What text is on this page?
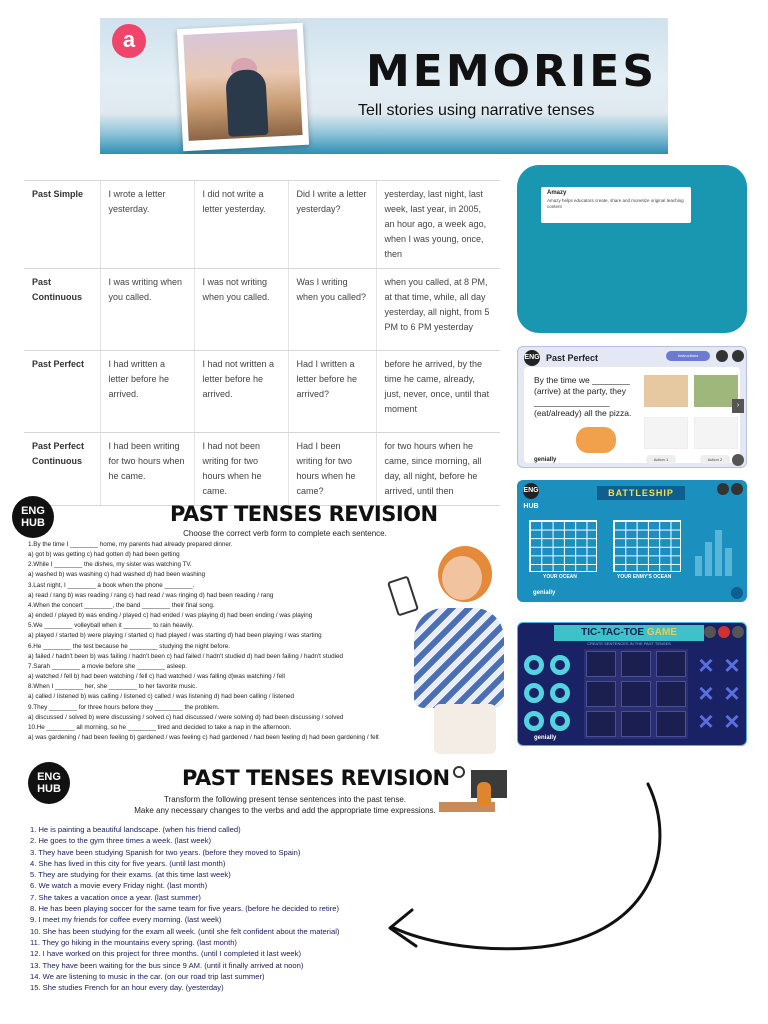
a
MEMORIES
Tell stories using narrative tenses
Past Simple	I wrote a letter yesterday.	I did not write a letter yesterday.	Did I write a letter yesterday?	yesterday, last night, last week, last year, in 2005, an hour ago, a week ago, when I was young, once, then
Past Continuous	I was writing when you called.	I was not writing when you called.	Was I writing when you called?	when you called, at 8 PM, at that time, while, all day yesterday, all night, from 5 PM to 6 PM yesterday
Past Perfect	I had written a letter before he arrived.	I had not written a letter before he arrived.	Had I written a letter before he arrived?	before he arrived, by the time he came, already, just, never, once, until that moment
Past Perfect Continuous	I had been writing for two hours when he came.	I had not been writing for two hours when he came.	Had I been writing for two hours when he came?	for two hours when he came, since morning, all day, all night, before he arrived, until then
Amazy
Amazy helps educators create, share and monetize original teaching content
ENG Past Perfect	Instructions
By the time we ________ (arrive) at the party, they ________________ (eat/already) all the pizza.
›
genially	Action 1	Action 2
ENG HUB
BATTLESHIP
YOUR OCEAN	YOUR ENMY'S OCEAN
genially
TIC-TAC-TOE GAME
CREATE SENTENCES IN THE PAST TENSES
× ×
× ×
× ×
genially
ENG
HUB	PAST TENSES REVISION
Choose the correct verb form to complete each sentence.
1.By the time I ________ home, my parents had already prepared dinner.
a) got b) was getting c) had gotten d) had been getting
2.While I ________ the dishes, my sister was watching TV.
a) washed b) was washing c) had washed d) had been washing
3.Last night, I ________ a book when the phone ________.
a) read / rang b) was reading / rang c) had read / was ringing d) had been reading / rang
4.When the concert ________, the band ________ their final song.
a) ended / played b) was ending / played c) had ended / was playing d) had been ending / was playing
5.We ________ volleyball when it ________ to rain heavily.
a) played / started b) were playing / started c) had played / was starting d) had been playing / was starting
6.He ________ the test because he ________ studying the night before.
a) failed / hadn't been b) was failing / hadn't been c) had failed / hadn't studied d) had been failing / hadn't studied
7.Sarah ________ a movie before she ________ asleep.
a) watched / fell b) had been watching / fell c) had watched / was falling d)was watching / fell
8.When I ________ her, she ________ to her favorite music.
a) called / listened b) was calling / listened c) called / was listening d) had been calling / listened
9.They ________ for three hours before they ________ the problem.
a) discussed / solved b) were discussing / solved c) had discussed / were solving d) had been discussing / solved
10.He ________ all morning, so he ________ tired and decided to take a nap in the afternoon.
a) was gardening / had been feeling b) gardened / was feeling c) had gardened / had been feeling d) had been gardening / felt
ENG
HUB	PAST TENSES REVISION
Transform the following present tense sentences into the past tense.
Make any necessary changes to the verbs and add the appropriate time expressions.
1. He is painting a beautiful landscape. (when his friend called)
2. He goes to the gym three times a week. (last week)
3. They have been studying Spanish for two years. (before they moved to Spain)
4. She has lived in this city for five years. (until last month)
5. They are studying for their exams. (at this time last week)
6. We watch a movie every Friday night. (last month)
7. She takes a vacation once a year. (last summer)
8. He has been playing soccer for the same team for five years. (before he decided to retire)
9. I meet my friends for coffee every morning. (last week)
10. She has been studying for the exam all week. (until she felt confident about the material)
11. They go hiking in the mountains every spring. (last month)
12. I have worked on this project for three months. (until I completed it last week)
13. They have been waiting for the bus since 9 AM. (until it finally arrived at noon)
14. We are listening to music in the car. (on our road trip last summer)
15. She studies French for an hour every day. (yesterday)
